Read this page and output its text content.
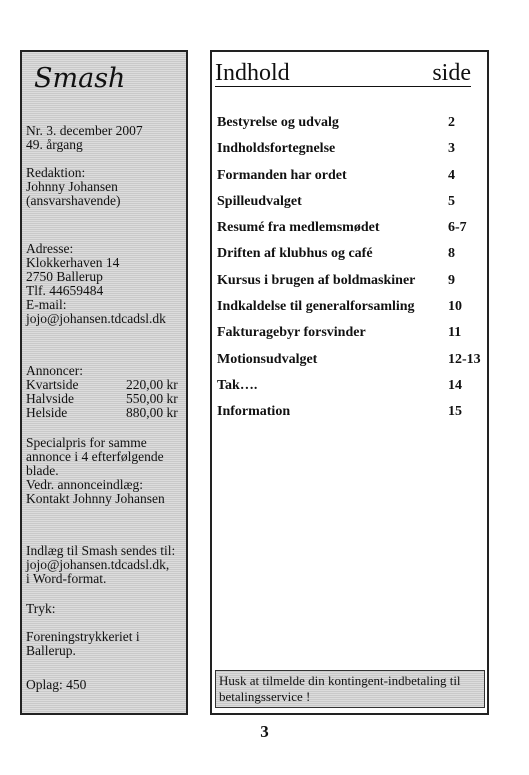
Smash
Nr. 3. december 2007
49. årgang
Redaktion:
Johnny Johansen
(ansvarshavende)
Adresse:
Klokkerhaven 14
2750 Ballerup
Tlf. 44659484
E-mail:
jojo@johansen.tdcadsl.dk
Annoncer:
Kvartside	220,00 kr
Halvside	550,00 kr
Helside	880,00 kr
Specialpris for samme
annonce i 4 efterfølgende
blade.
Vedr. annonceindlæg:
Kontakt Johnny Johansen
Indlæg til Smash sendes til:
jojo@johansen.tdcadsl.dk,
i Word-format.
Tryk:
Foreningstrykkeriet i
Ballerup.
Oplag: 450
Indhold	side
Bestyrelse og udvalg	2
Indholdsfortegnelse	3
Formanden har ordet	4
Spilleudvalget	5
Resumé fra medlemsmødet	6-7
Driften af klubhus og café	8
Kursus i brugen af boldmaskiner 9
Indkaldelse til generalforsamling 10
Fakturagebyr forsvinder	11
Motionsudvalget	12-13
Tak….	14
Information	15
Husk at tilmelde din kontingent-indbetaling til
betalingsservice !
3
